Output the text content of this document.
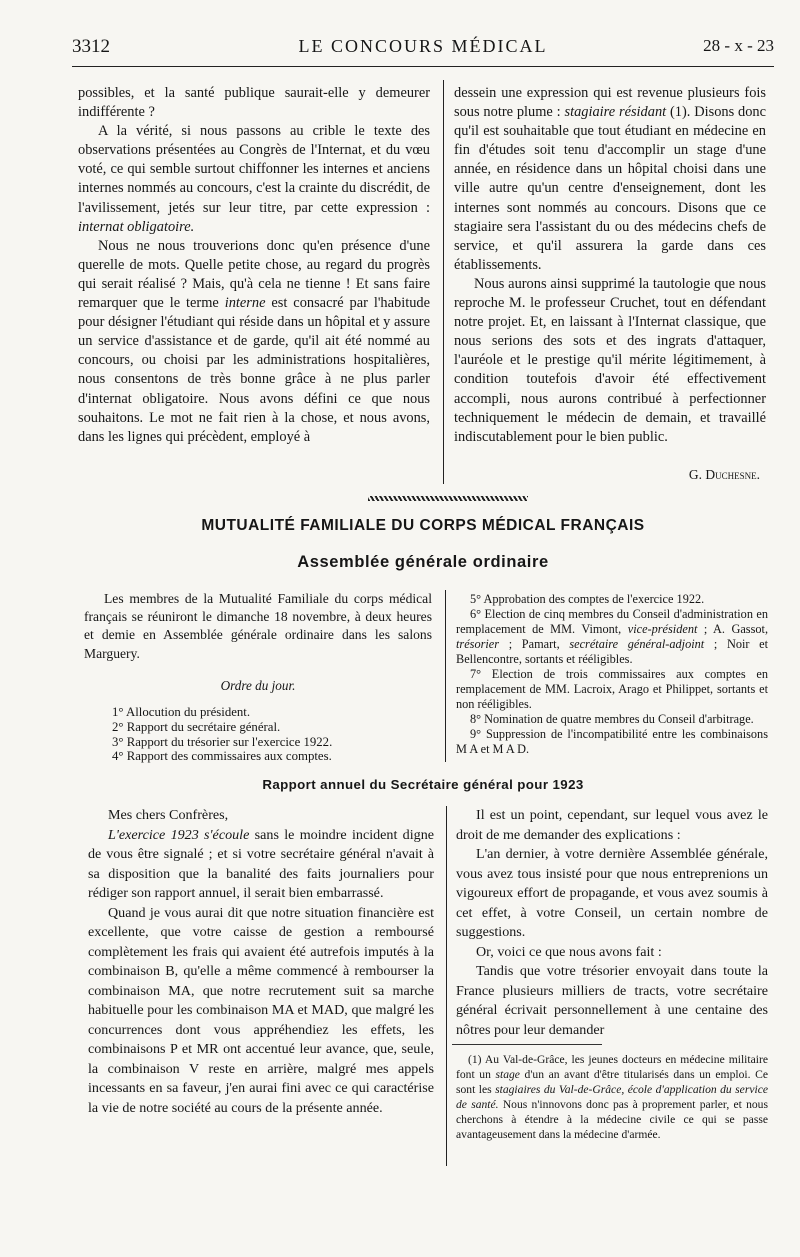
3312	LE CONCOURS MÉDICAL	28 - x - 23

possibles, et la santé publique saurait-elle y demeurer indifférente ?

A la vérité, si nous passons au crible le texte des observations présentées au Congrès de l'Internat, et du vœu voté, ce qui semble surtout chiffonner les internes et anciens internes nommés au concours, c'est la crainte du discrédit, de l'avilissement, jetés sur leur titre, par cette expression : internat obligatoire.

Nous ne nous trouverions donc qu'en présence d'une querelle de mots. Quelle petite chose, au regard du progrès qui serait réalisé ? Mais, qu'à cela ne tienne ! Et sans faire remarquer que le terme interne est consacré par l'habitude pour désigner l'étudiant qui réside dans un hôpital et y assure un service d'assistance et de garde, qu'il ait été nommé au concours, ou choisi par les administrations hospitalières, nous consentons de très bonne grâce à ne plus parler d'internat obligatoire. Nous avons défini ce que nous souhaitons. Le mot ne fait rien à la chose, et nous avons, dans les lignes qui précèdent, employé à

dessein une expression qui est revenue plusieurs fois sous notre plume : stagiaire résidant (1). Disons donc qu'il est souhaitable que tout étudiant en médecine en fin d'études soit tenu d'accomplir un stage d'une année, en résidence dans un hôpital choisi dans une ville autre qu'un centre d'enseignement, dont les internes sont nommés au concours. Disons que ce stagiaire sera l'assistant du ou des médecins chefs de service, et qu'il assurera la garde dans ces établissements.

Nous aurons ainsi supprimé la tautologie que nous reproche M. le professeur Cruchet, tout en défendant notre projet. Et, en laissant à l'Internat classique, que nous serions des sots et des ingrats d'attaquer, l'auréole et le prestige qu'il mérite légitimement, à condition toutefois d'avoir été effectivement accompli, nous aurons contribué à perfectionner techniquement le médecin de demain, et travaillé indiscutablement pour le bien public.

G. Duchesne.

MUTUALITÉ FAMILIALE DU CORPS MÉDICAL FRANÇAIS
Assemblée générale ordinaire

Les membres de la Mutualité Familiale du corps médical français se réuniront le dimanche 18 novembre, à deux heures et demie en Assemblée générale ordinaire dans les salons Marguery.

Ordre du jour.

1° Allocution du président.
2° Rapport du secrétaire général.
3° Rapport du trésorier sur l'exercice 1922.
4° Rapport des commissaires aux comptes.

5° Approbation des comptes de l'exercice 1922.

6° Election de cinq membres du Conseil d'administration en remplacement de MM. Vimont, vice-président ; A. Gassot, trésorier ; Pamart, secrétaire général-adjoint ; Noir et Bellencontre, sortants et rééligibles.

7° Election de trois commissaires aux comptes en remplacement de MM. Lacroix, Arago et Philippet, sortants et non rééligibles.

8° Nomination de quatre membres du Conseil d'arbitrage.

9° Suppression de l'incompatibilité entre les combinaisons M A et M A D.

Rapport annuel du Secrétaire général pour 1923

Mes chers Confrères,

L'exercice 1923 s'écoule sans le moindre incident digne de vous être signalé ; et si votre secrétaire général n'avait à sa disposition que la banalité des faits journaliers pour rédiger son rapport annuel, il serait bien embarrassé.

Quand je vous aurai dit que notre situation financière est excellente, que votre caisse de gestion a remboursé complètement les frais qui avaient été autrefois imputés à la combinaison B, qu'elle a même commencé à rembourser la combinaison MA, que notre recrutement suit sa marche habituelle pour les combinaison MA et MAD, que malgré les concurrences dont vous appréhendiez les effets, les combinaisons P et MR ont accentué leur avance, que, seule, la combinaison V reste en arrière, malgré mes appels incessants en sa faveur, j'en aurai fini avec ce qui caractérise la vie de notre société au cours de la présente année.

Il est un point, cependant, sur lequel vous avez le droit de me demander des explications :

L'an dernier, à votre dernière Assemblée générale, vous avez tous insisté pour que nous entreprenions un vigoureux effort de propagande, et vous avez soumis à cet effet, à votre Conseil, un certain nombre de suggestions.

Or, voici ce que nous avons fait :

Tandis que votre trésorier envoyait dans toute la France plusieurs milliers de tracts, votre secrétaire général écrivait personnellement à une centaine des nôtres pour leur demander

(1) Au Val-de-Grâce, les jeunes docteurs en médecine militaire font un stage d'un an avant d'être titularisés dans un emploi. Ce sont les stagiaires du Val-de-Grâce, école d'application du service de santé. Nous n'innovons donc pas à proprement parler, et nous cherchons à étendre à la médecine civile ce qui se passe avantageusement dans la médecine d'armée.
